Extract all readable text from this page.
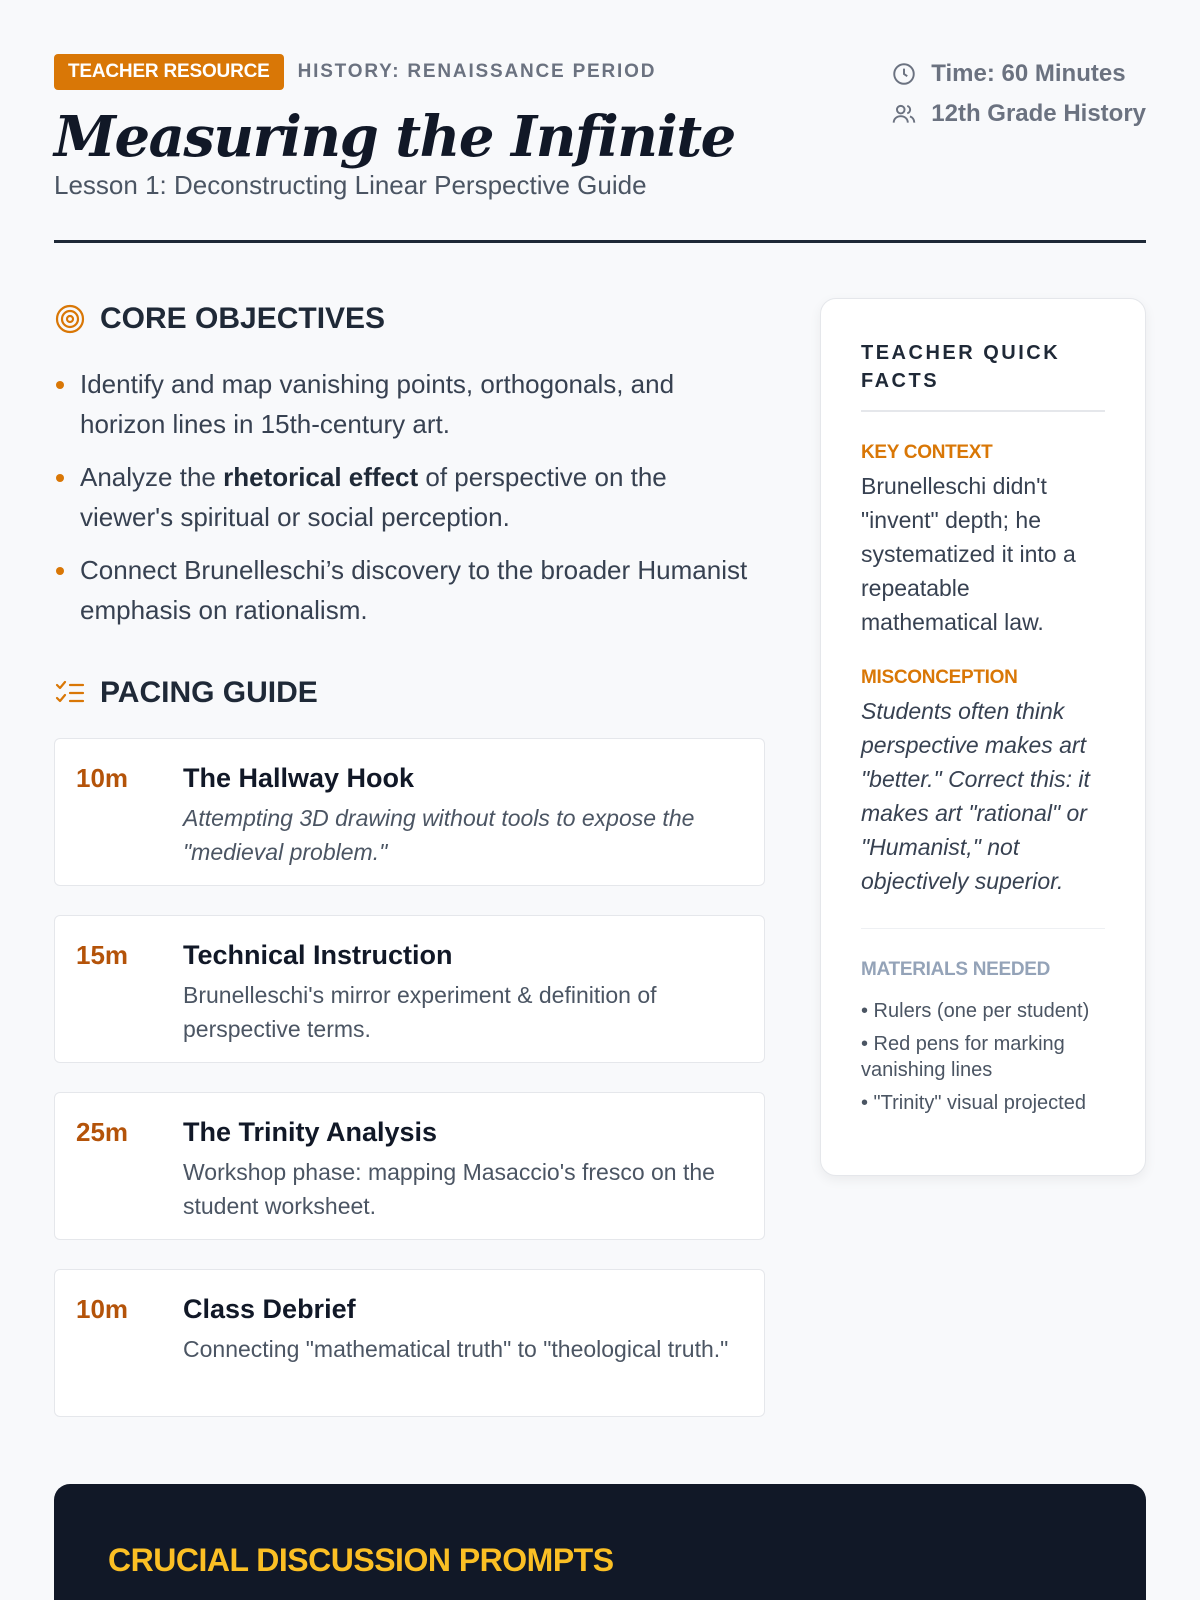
TEACHER RESOURCE	HISTORY: RENAISSANCE PERIOD
Measuring the Infinite
Lesson 1: Deconstructing Linear Perspective Guide
Time: 60 Minutes
12th Grade History
CORE OBJECTIVES
Identify and map vanishing points, orthogonals, and horizon lines in 15th-century art.
Analyze the rhetorical effect of perspective on the viewer's spiritual or social perception.
Connect Brunelleschi’s discovery to the broader Humanist emphasis on rationalism.
PACING GUIDE
10m The Hallway Hook
Attempting 3D drawing without tools to expose the "medieval problem."
15m Technical Instruction
Brunelleschi's mirror experiment & definition of perspective terms.
25m The Trinity Analysis
Workshop phase: mapping Masaccio's fresco on the student worksheet.
10m Class Debrief
Connecting "mathematical truth" to "theological truth."
TEACHER QUICK FACTS
KEY CONTEXT
Brunelleschi didn't "invent" depth; he systematized it into a repeatable mathematical law.
MISCONCEPTION
Students often think perspective makes art "better." Correct this: it makes art "rational" or "Humanist," not objectively superior.
MATERIALS NEEDED
• Rulers (one per student)
• Red pens for marking vanishing lines
• "Trinity" visual projected
CRUCIAL DISCUSSION PROMPTS
